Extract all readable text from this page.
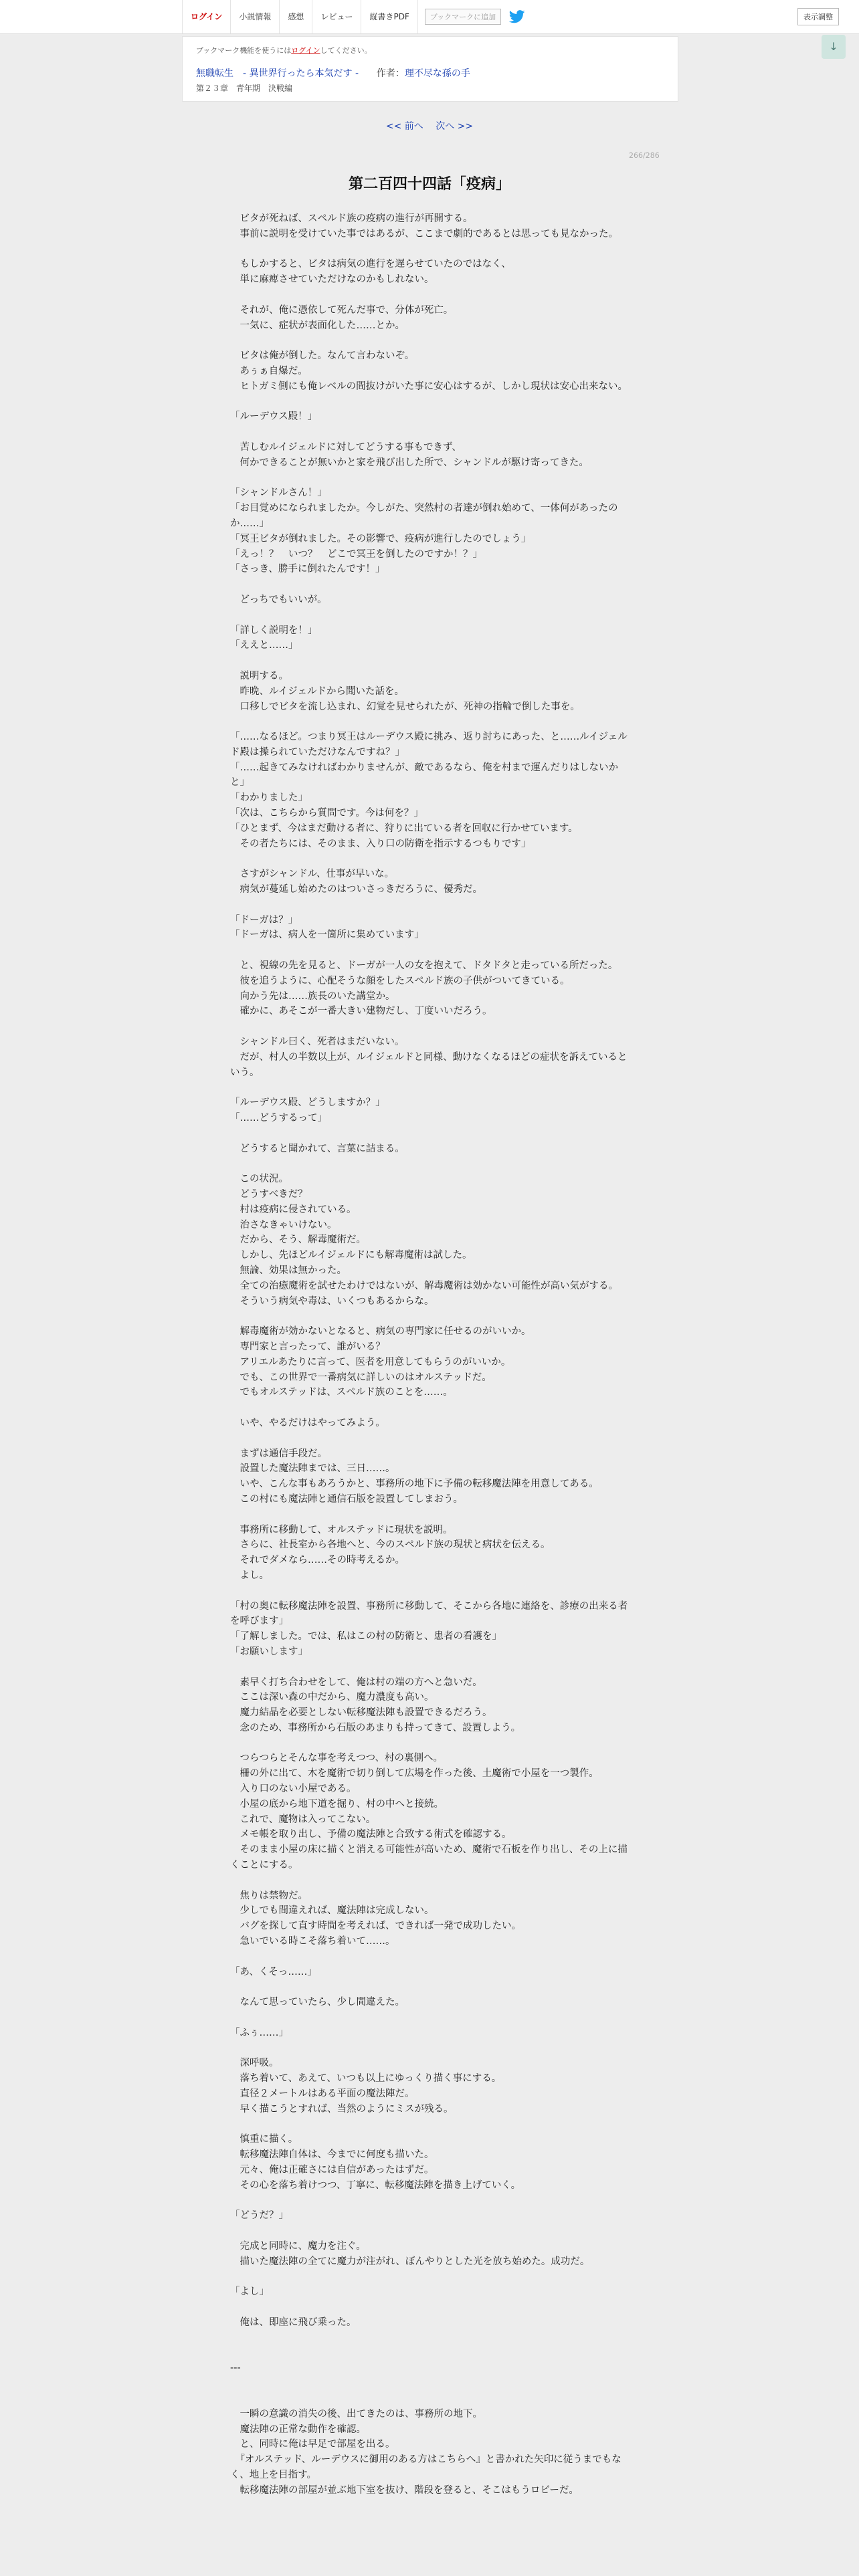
ログイン	小説情報	感想	レビュー	縦書きPDF	ブックマークに追加	表示調整
↓
ブックマーク機能を使うにはログインしてください。
無職転生　- 異世界行ったら本気だす - 作者：理不尽な孫の手
第２３章　青年期　決戦編
<< 前へ 次へ >>
266/286
第二百四十四話「疫病」

　ビタが死ねば、スペルド族の疫病の進行が再開する。
　事前に説明を受けていた事ではあるが、ここまで劇的であるとは思っても見なかった。

　もしかすると、ビタは病気の進行を遅らせていたのではなく、
　単に麻痺させていただけなのかもしれない。

　それが、俺に憑依して死んだ事で、分体が死亡。
　一気に、症状が表面化した……とか。

　ビタは俺が倒した。なんて言わないぞ。
　あぅぁ自爆だ。
　ヒトガミ側にも俺レベルの間抜けがいた事に安心はするが、しかし現状は安心出来ない。

「ルーデウス殿！」

　苦しむルイジェルドに対してどうする事もできず、
　何かできることが無いかと家を飛び出した所で、シャンドルが駆け寄ってきた。

「シャンドルさん！」
「お目覚めになられましたか。今しがた、突然村の者達が倒れ始めて、一体何があったのか……」
「冥王ビタが倒れました。その影響で、疫病が進行したのでしょう」
「えっ！？　いつ？　どこで冥王を倒したのですか！？」
「さっき、勝手に倒れたんです！」

　どっちでもいいが。

「詳しく説明を！」
「ええと……」

　説明する。
　昨晩、ルイジェルドから聞いた話を。
　口移しでビタを流し込まれ、幻覚を見せられたが、死神の指輪で倒した事を。

「……なるほど。つまり冥王はルーデウス殿に挑み、返り討ちにあった、と……ルイジェルド殿は操られていただけなんですね？」
「……起きてみなければわかりませんが、敵であるなら、俺を村まで運んだりはしないかと」
「わかりました」
「次は、こちらから質問です。今は何を？」
「ひとまず、今はまだ動ける者に、狩りに出ている者を回収に行かせています。
　その者たちには、そのまま、入り口の防衛を指示するつもりです」

　さすがシャンドル、仕事が早いな。
　病気が蔓延し始めたのはついさっきだろうに、優秀だ。

「ドーガは？」
「ドーガは、病人を一箇所に集めています」

　と、視線の先を見ると、ドーガが一人の女を抱えて、ドタドタと走っている所だった。
　彼を追うように、心配そうな顔をしたスペルド族の子供がついてきている。
　向かう先は……族長のいた講堂か。
　確かに、あそこが一番大きい建物だし、丁度いいだろう。

　シャンドル曰く、死者はまだいない。
　だが、村人の半数以上が、ルイジェルドと同様、動けなくなるほどの症状を訴えているという。

「ルーデウス殿、どうしますか？」
「……どうするって」

　どうすると聞かれて、言葉に詰まる。

　この状況。
　どうすべきだ？
　村は疫病に侵されている。
　治さなきゃいけない。
　だから、そう、解毒魔術だ。
　しかし、先ほどルイジェルドにも解毒魔術は試した。
　無論、効果は無かった。
　全ての治癒魔術を試せたわけではないが、解毒魔術は効かない可能性が高い気がする。
　そういう病気や毒は、いくつもあるからな。

　解毒魔術が効かないとなると、病気の専門家に任せるのがいいか。
　専門家と言ったって、誰がいる？
　アリエルあたりに言って、医者を用意してもらうのがいいか。
　でも、この世界で一番病気に詳しいのはオルステッドだ。
　でもオルステッドは、スペルド族のことを……。

　いや、やるだけはやってみよう。

　まずは通信手段だ。
　設置した魔法陣までは、三日……。
　いや、こんな事もあろうかと、事務所の地下に予備の転移魔法陣を用意してある。
　この村にも魔法陣と通信石版を設置してしまおう。

　事務所に移動して、オルステッドに現状を説明。
　さらに、社長室から各地へと、今のスペルド族の現状と病状を伝える。
　それでダメなら……その時考えるか。
　よし。

「村の奥に転移魔法陣を設置、事務所に移動して、そこから各地に連絡を、診療の出来る者を呼びます」
「了解しました。では、私はこの村の防衛と、患者の看護を」
「お願いします」

　素早く打ち合わせをして、俺は村の端の方へと急いだ。
　ここは深い森の中だから、魔力濃度も高い。
　魔力結晶を必要としない転移魔法陣も設置できるだろう。
　念のため、事務所から石版のあまりも持ってきて、設置しよう。

　つらつらとそんな事を考えつつ、村の裏側へ。
　柵の外に出て、木を魔術で切り倒して広場を作った後、土魔術で小屋を一つ製作。
　入り口のない小屋である。
　小屋の底から地下道を掘り、村の中へと接続。
　これで、魔物は入ってこない。
　メモ帳を取り出し、予備の魔法陣と合致する術式を確認する。
　そのまま小屋の床に描くと消える可能性が高いため、魔術で石板を作り出し、その上に描くことにする。

　焦りは禁物だ。
　少しでも間違えれば、魔法陣は完成しない。
　バグを探して直す時間を考えれば、できれば一発で成功したい。
　急いでいる時こそ落ち着いて……。

「あ、くそっ……」

　なんて思っていたら、少し間違えた。

「ふぅ……」

　深呼吸。
　落ち着いて、あえて、いつも以上にゆっくり描く事にする。
　直径２メートルはある平面の魔法陣だ。
　早く描こうとすれば、当然のようにミスが残る。

　慎重に描く。
　転移魔法陣自体は、今までに何度も描いた。
　元々、俺は正確さには自信があったはずだ。
　その心を落ち着けつつ、丁寧に、転移魔法陣を描き上げていく。

「どうだ？」

　完成と同時に、魔力を注ぐ。
　描いた魔法陣の全てに魔力が注がれ、ぼんやりとした光を放ち始めた。成功だ。

「よし」

　俺は、即座に飛び乗った。

---

　一瞬の意識の消失の後、出てきたのは、事務所の地下。
　魔法陣の正常な動作を確認。
　と、同時に俺は早足で部屋を出る。
　『オルステッド、ルーデウスに御用のある方はこちらへ』と書かれた矢印に従うまでもなく、地上を目指す。
　転移魔法陣の部屋が並ぶ地下室を抜け、階段を登ると、そこはもうロビーだ。
